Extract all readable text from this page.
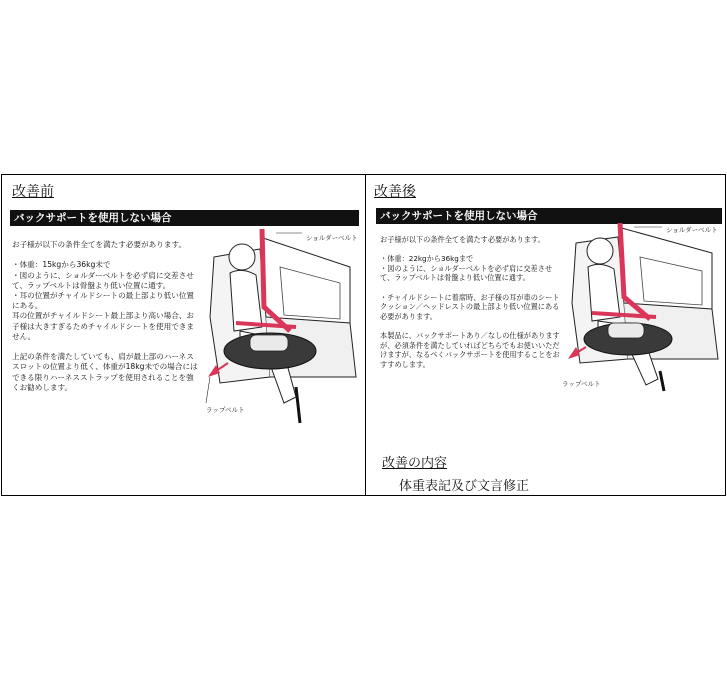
改善前
バックサポートを使用しない場合
お子様が以下の条件全てを満たす必要があります。

・体重：15kgから36kg未で
・図のように、ショルダーベルトを必ず肩に交差させて、ラップベルトは骨盤より低い位置に通す。
・耳の位置がチャイルドシートの最上部より低い位置にある。
耳の位置がチャイルドシート最上部より高い場合、お子様は大きすぎるためチャイルドシートを使用できません。

上記の条件を満たしていても、肩が最上部のハーネススロットの位置より低く、体重が18kg未での場合にはできる限りハーネスストラップを使用されることを強くお勧めします。
ショルダーベルト
ラップベルト
改善後
バックサポートを使用しない場合
お子様が以下の条件全てを満たす必要があります。

・体重：22kgから36kgまで
・図のように、ショルダーベルトを必ず肩に交差させて、ラップベルトは骨盤より低い位置に通す。

・チャイルドシートに着席時、お子様の耳が車のシートクッション／ヘッドレストの最上部より低い位置にある必要があります。

本製品に、バックサポートあり／なしの仕様がありますが、必須条件を満たしていればどちらでもお使いいただけますが、なるべくバックサポートを使用することをおすすめします。
ショルダーベルト
ラップベルト
改善の内容
体重表記及び文言修正
